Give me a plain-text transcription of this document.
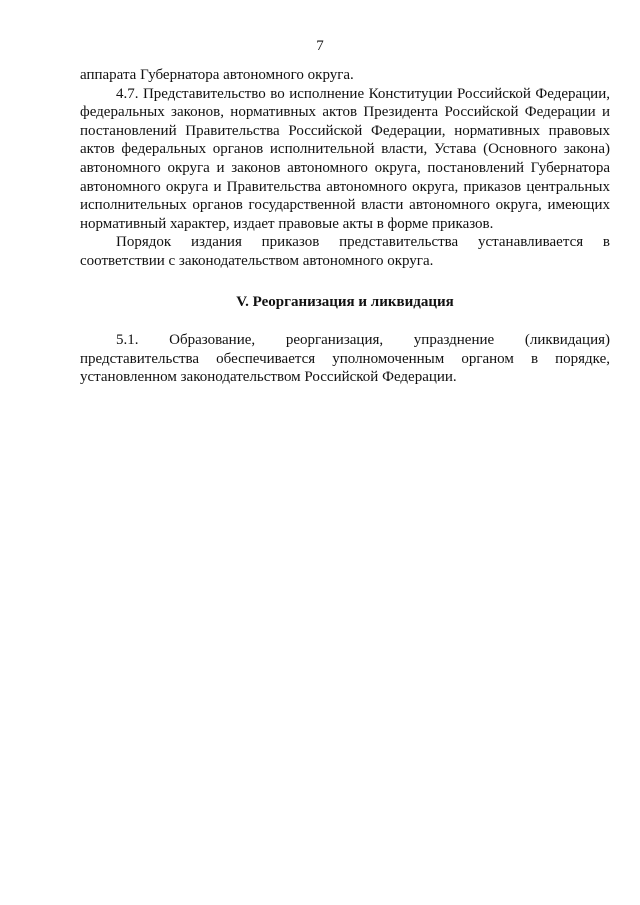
7

аппарата Губернатора автономного округа.

4.7. Представительство во исполнение Конституции Российской Федерации, федеральных законов, нормативных актов Президента Российской Федерации и постановлений Правительства Российской Федерации, нормативных правовых актов федеральных органов исполнительной власти, Устава (Основного закона) автономного округа и законов автономного округа, постановлений Губернатора автономного округа и Правительства автономного округа, приказов центральных исполнительных органов государственной власти автономного округа, имеющих нормативный характер, издает правовые акты в форме приказов.

Порядок издания приказов представительства устанавливается в соответствии с законодательством автономного округа.

V. Реорганизация и ликвидация

5.1. Образование, реорганизация, упразднение (ликвидация) представительства обеспечивается уполномоченным органом в порядке, установленном законодательством Российской Федерации.
